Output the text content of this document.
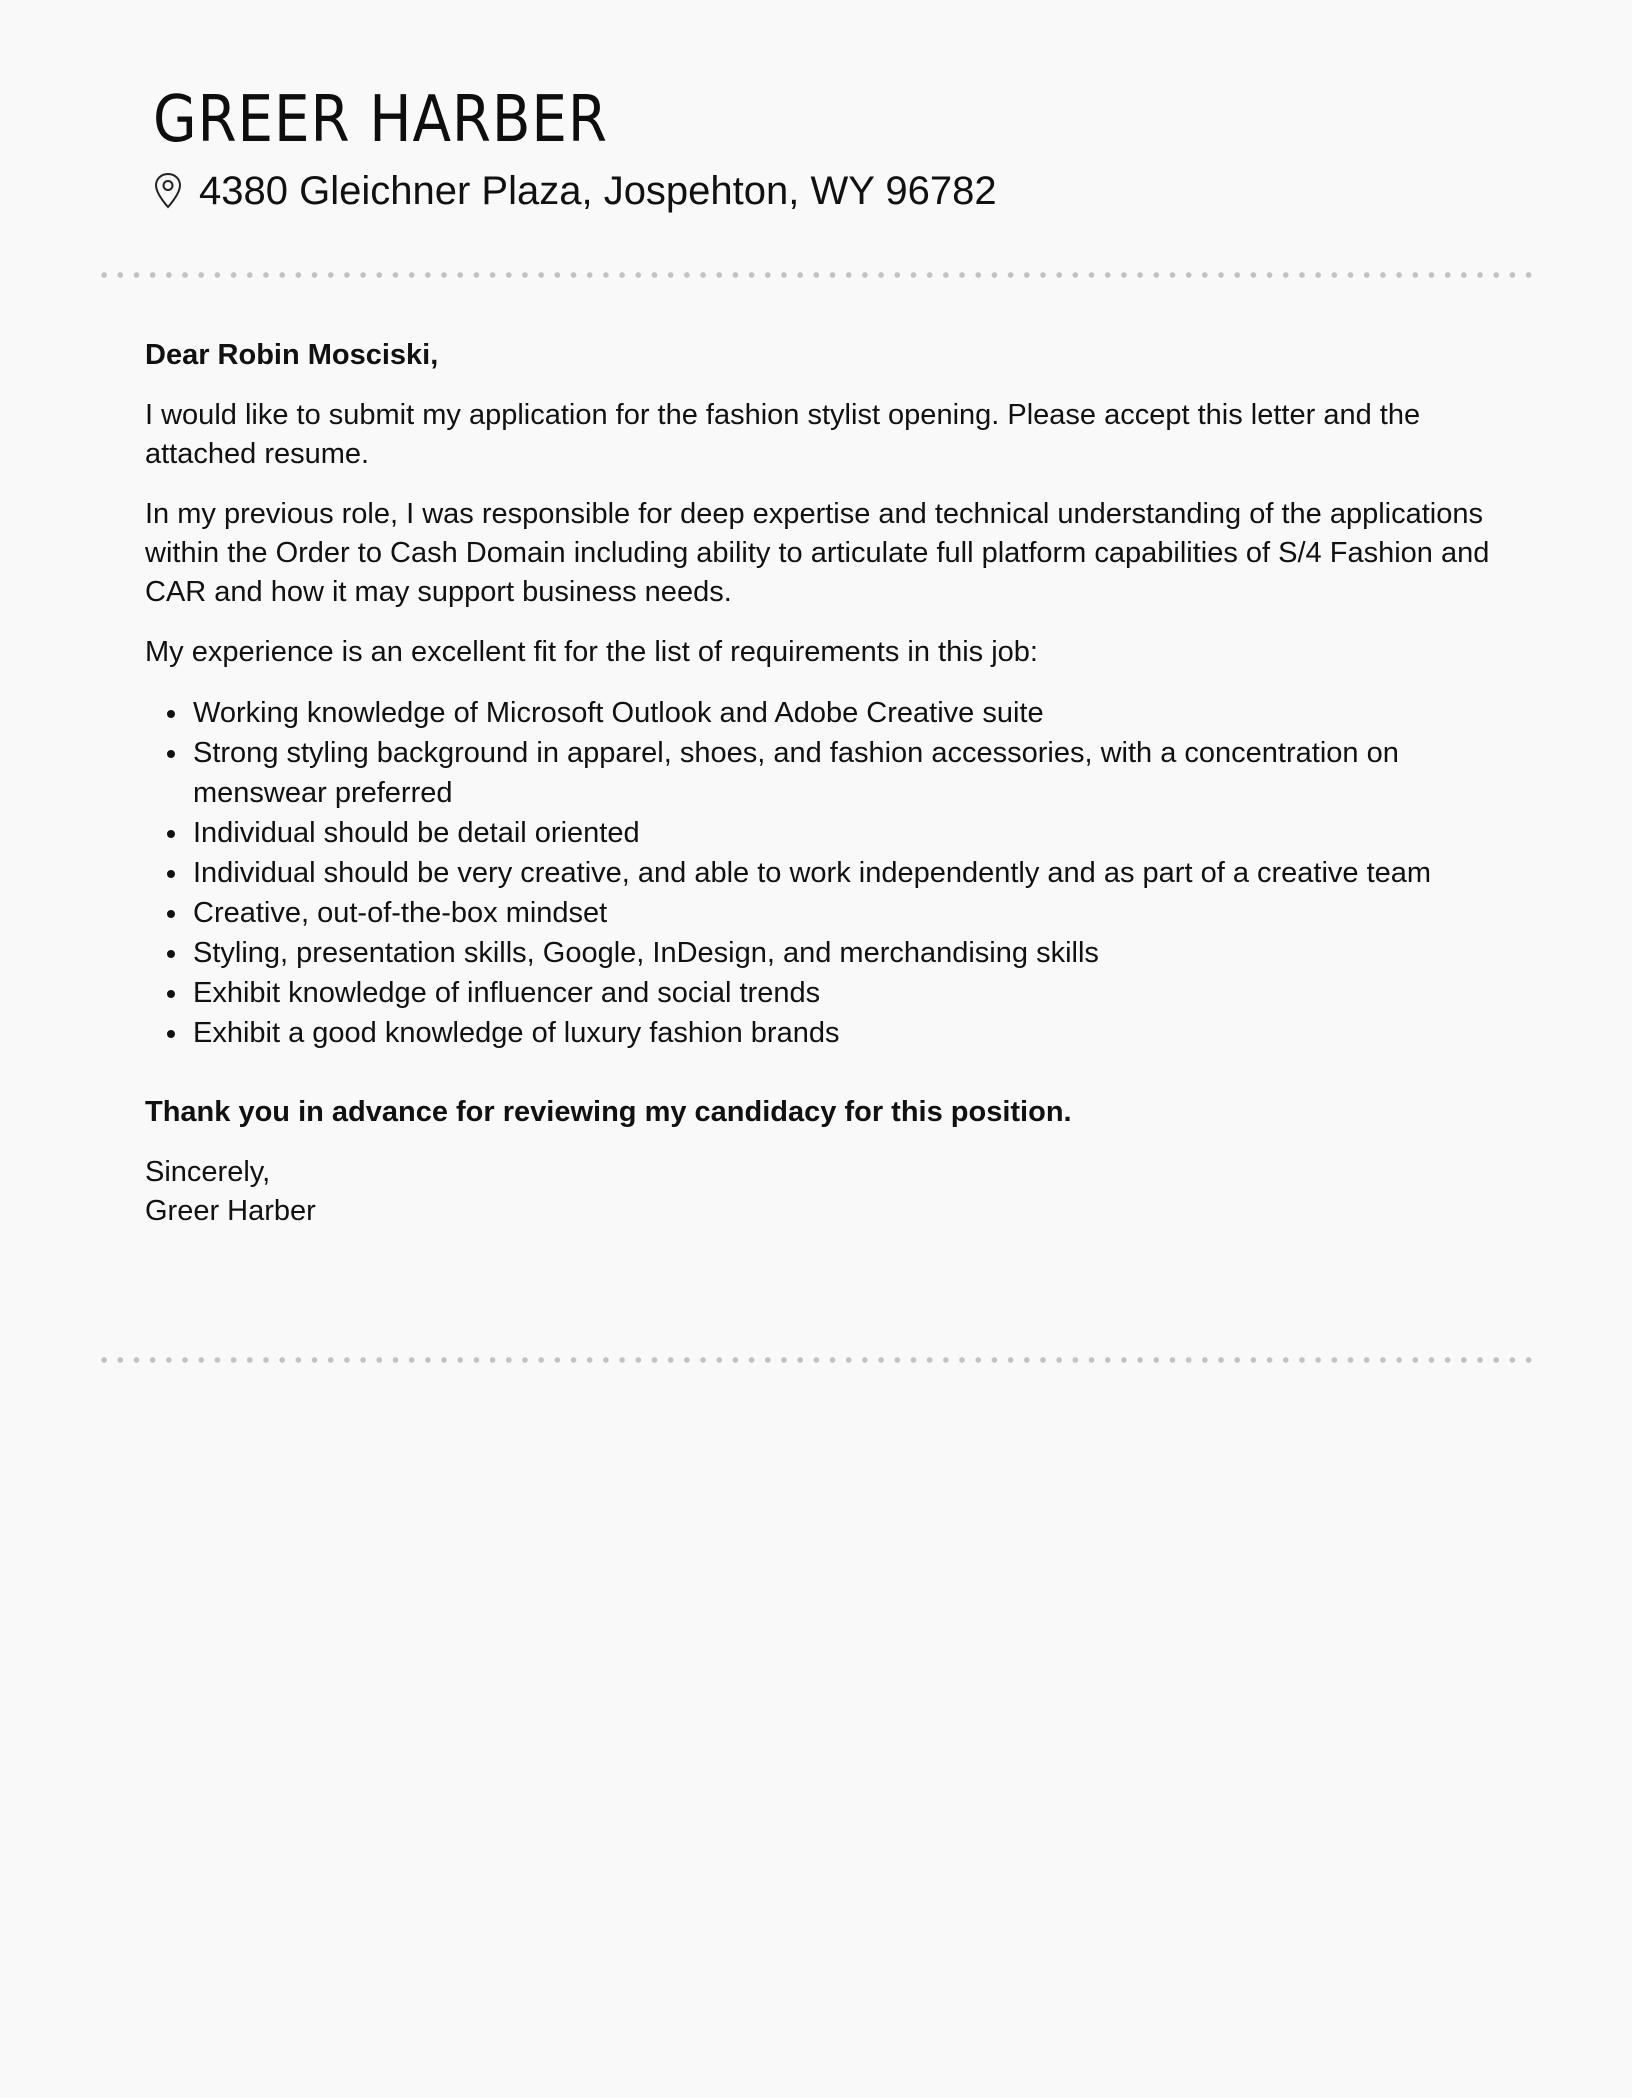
GREER HARBER
4380 Gleichner Plaza, Jospehton, WY 96782

Dear Robin Mosciski,

I would like to submit my application for the fashion stylist opening. Please accept this letter and the attached resume.

In my previous role, I was responsible for deep expertise and technical understanding of the applications within the Order to Cash Domain including ability to articulate full platform capabilities of S/4 Fashion and CAR and how it may support business needs.

My experience is an excellent fit for the list of requirements in this job:

Working knowledge of Microsoft Outlook and Adobe Creative suite
Strong styling background in apparel, shoes, and fashion accessories, with a concentration on menswear preferred
Individual should be detail oriented
Individual should be very creative, and able to work independently and as part of a creative team
Creative, out-of-the-box mindset
Styling, presentation skills, Google, InDesign, and merchandising skills
Exhibit knowledge of influencer and social trends
Exhibit a good knowledge of luxury fashion brands

Thank you in advance for reviewing my candidacy for this position.

Sincerely,

Greer Harber
